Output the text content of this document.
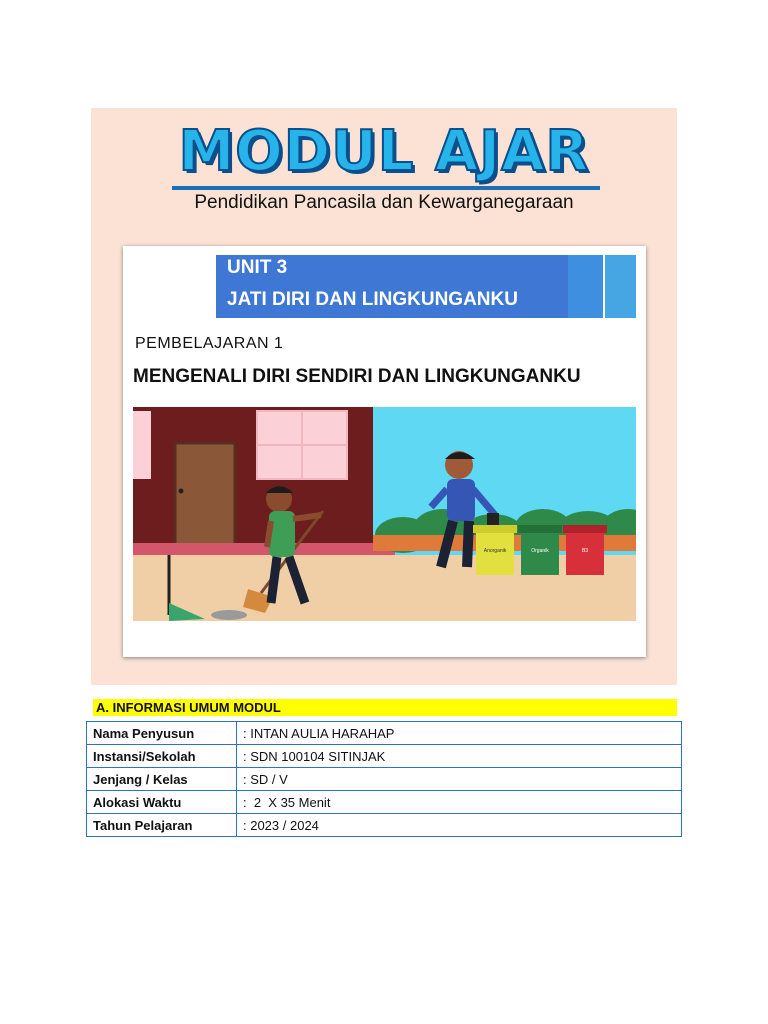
MODUL AJAR
Pendidikan Pancasila dan Kewarganegaraan
UNIT 3
JATI DIRI DAN LINGKUNGANKU
PEMBELAJARAN 1
MENGENALI DIRI SENDIRI DAN LINGKUNGANKU
Anorganik	Organik	B3
A. INFORMASI UMUM MODUL
Nama Penyusun	: INTAN AULIA HARAHAP
Instansi/Sekolah	: SDN 100104 SITINJAK
Jenjang / Kelas	: SD / V
Alokasi Waktu	:  2  X 35 Menit
Tahun Pelajaran	: 2023 / 2024
